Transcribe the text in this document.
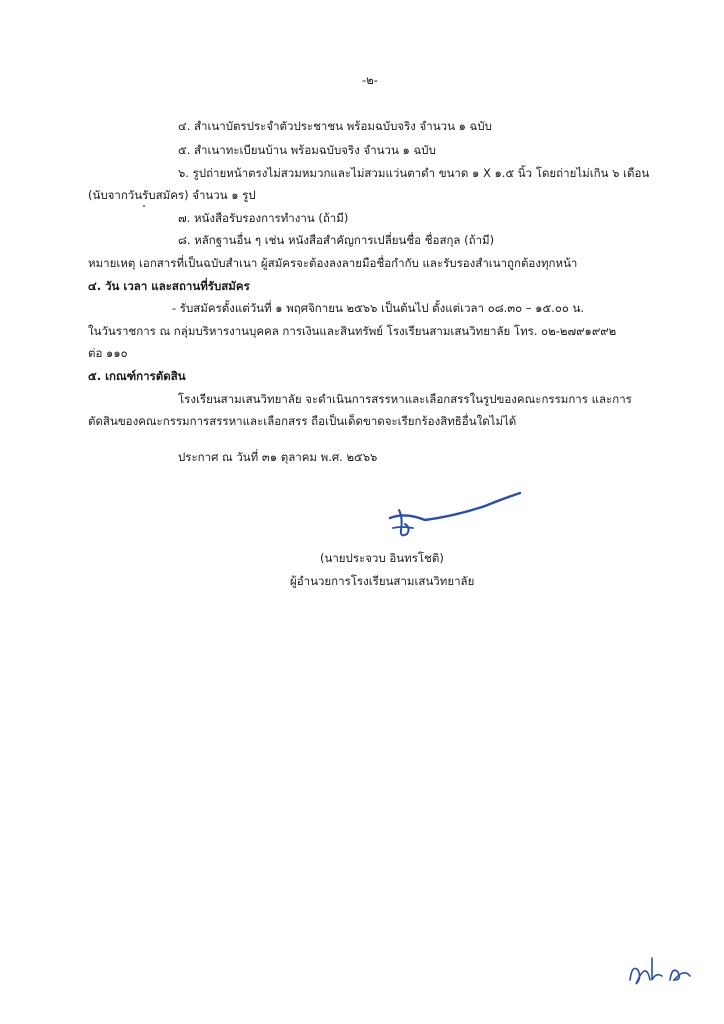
-๒-
๔. สำเนาบัตรประจำตัวประชาชน พร้อมฉบับจริง จำนวน ๑ ฉบับ
๕. สำเนาทะเบียนบ้าน พร้อมฉบับจริง จำนวน ๑ ฉบับ
๖. รูปถ่ายหน้าตรงไม่สวมหมวกและไม่สวมแว่นตาดำ ขนาด ๑ X ๑.๕ นิ้ว โดยถ่ายไม่เกิน ๖ เดือน
(นับจากวันรับสมัคร) จำนวน ๑ รูป
๗. หนังสือรับรองการทำงาน (ถ้ามี)
๘. หลักฐานอื่น ๆ เช่น หนังสือสำคัญการเปลี่ยนชื่อ ชื่อสกุล (ถ้ามี)
หมายเหตุ เอกสารที่เป็นฉบับสำเนา ผู้สมัครจะต้องลงลายมือชื่อกำกับ และรับรองสำเนาถูกต้องทุกหน้า
๔. วัน เวลา และสถานที่รับสมัคร
- รับสมัครตั้งแต่วันที่ ๑ พฤศจิกายน ๒๕๖๖ เป็นต้นไป ตั้งแต่เวลา ๐๘.๓๐ – ๑๕.๐๐ น.
ในวันราชการ ณ กลุ่มบริหารงานบุคคล การเงินและสินทรัพย์ โรงเรียนสามเสนวิทยาลัย โทร. ๐๒-๒๗๙๑๙๙๒
ต่อ ๑๑๐
๕. เกณฑ์การตัดสิน
โรงเรียนสามเสนวิทยาลัย จะดำเนินการสรรหาและเลือกสรรในรูปของคณะกรรมการ และการ
ตัดสินของคณะกรรมการสรรหาและเลือกสรร ถือเป็นเด็ดขาดจะเรียกร้องสิทธิอื่นใดไม่ได้
ประกาศ ณ วันที่ ๓๑ ตุลาคม พ.ศ. ๒๕๖๖
(นายประจวบ อินทรโชติ)
ผู้อำนวยการโรงเรียนสามเสนวิทยาลัย
